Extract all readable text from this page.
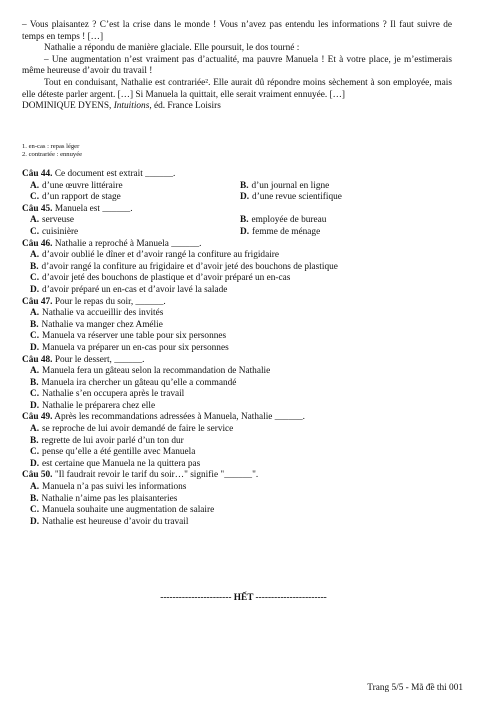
– Vous plaisantez ? C’est la crise dans le monde ! Vous n’avez pas entendu les informations ? Il faut suivre de temps en temps ! […]

Nathalie a répondu de manière glaciale. Elle poursuit, le dos tourné :

– Une augmentation n’est vraiment pas d’actualité, ma pauvre Manuela ! Et à votre place, je m’estimerais même heureuse d’avoir du travail !

Tout en conduisant, Nathalie est contrariée². Elle aurait dû répondre moins sèchement à son employée, mais elle déteste parler argent. […] Si Manuela la quittait, elle serait vraiment ennuyée. […]

DOMINIQUE DYENS, Intuitions, éd. France Loisirs

1. en-cas : repas léger
2. contrariée : ennuyée

Câu 44. Ce document est extrait ______.

A. d’une œuvre littéraire	B. d’un journal en ligne
C. d’un rapport de stage	D. d’une revue scientifique

Câu 45. Manuela est ______.

A. serveuse	B. employée de bureau
C. cuisinière	D. femme de ménage

Câu 46. Nathalie a reproché à Manuela ______.

A. d’avoir oublié le dîner et d’avoir rangé la confiture au frigidaire
B. d’avoir rangé la confiture au frigidaire et d’avoir jeté des bouchons de plastique
C. d’avoir jeté des bouchons de plastique et d’avoir préparé un en-cas
D. d’avoir préparé un en-cas et d’avoir lavé la salade

Câu 47. Pour le repas du soir, ______.

A. Nathalie va accueillir des invités
B. Nathalie va manger chez Amélie
C. Manuela va réserver une table pour six personnes
D. Manuela va préparer un en-cas pour six personnes

Câu 48. Pour le dessert, ______.

A. Manuela fera un gâteau selon la recommandation de Nathalie
B. Manuela ira chercher un gâteau qu’elle a commandé
C. Nathalie s’en occupera après le travail
D. Nathalie le préparera chez elle

Câu 49. Après les recommandations adressées à Manuela, Nathalie ______.

A. se reproche de lui avoir demandé de faire le service
B. regrette de lui avoir parlé d’un ton dur
C. pense qu’elle a été gentille avec Manuela
D. est certaine que Manuela ne la quittera pas

Câu 50. "Il faudrait revoir le tarif du soir…" signifie "______".

A. Manuela n’a pas suivi les informations
B. Nathalie n’aime pas les plaisanteries
C. Manuela souhaite une augmentation de salaire
D. Nathalie est heureuse d’avoir du travail
----------------------- HẾT -----------------------
Trang 5/5 - Mã đề thi 001
